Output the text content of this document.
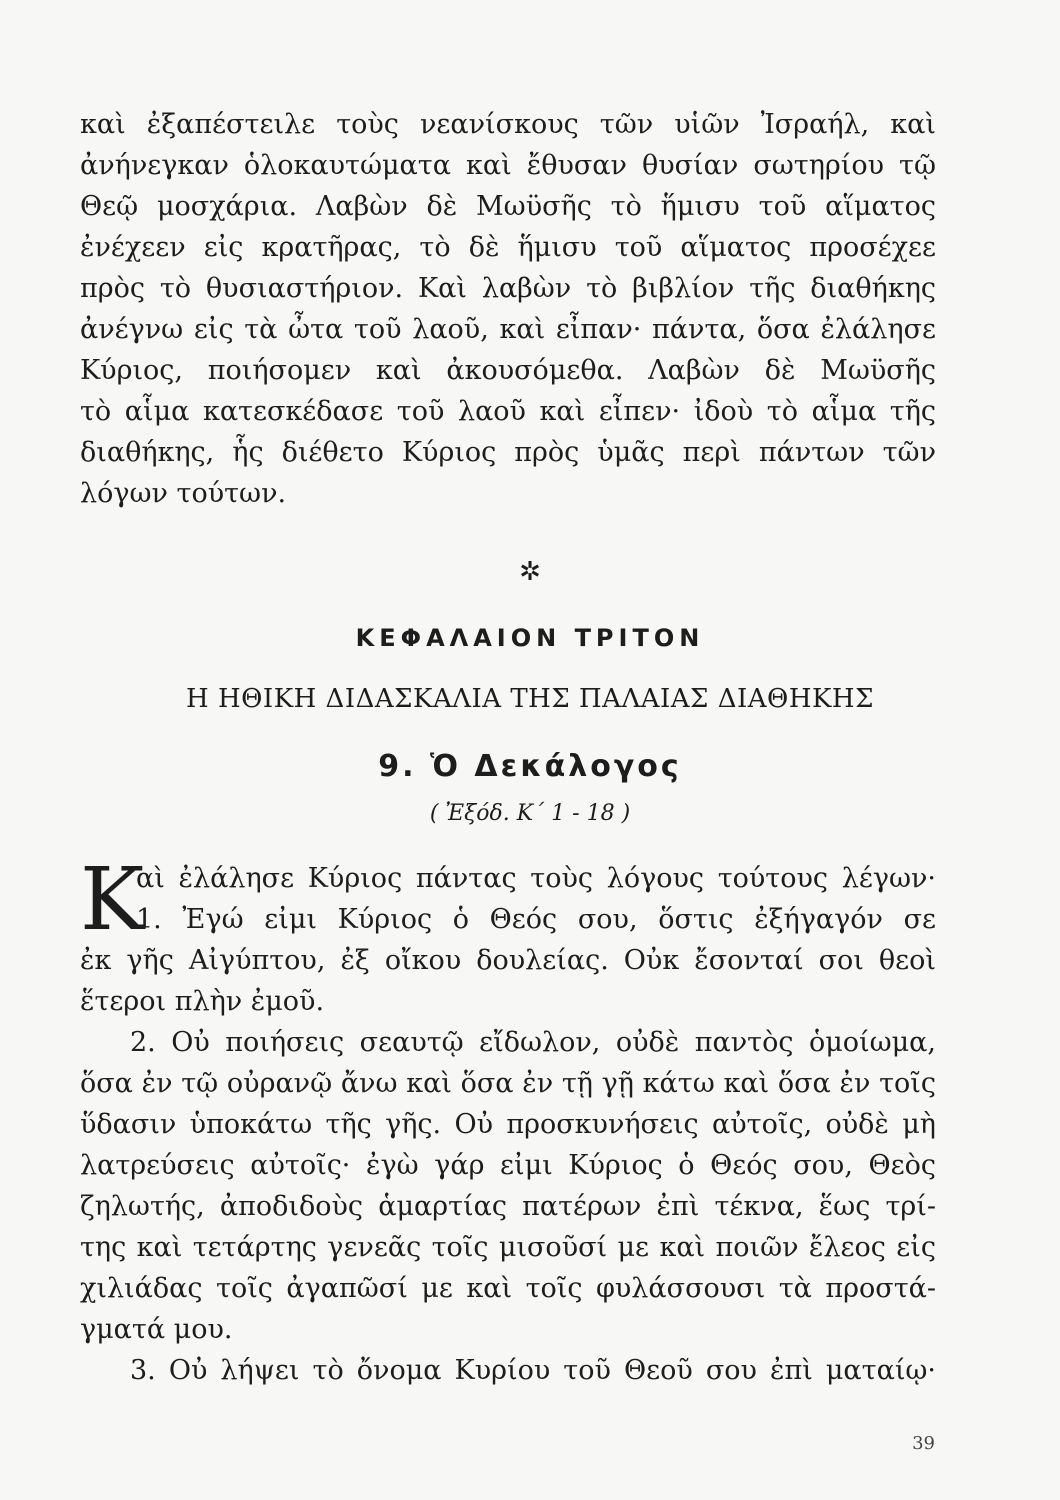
καὶ ἐξαπέστειλε τοὺς νεανίσκους τῶν υἱῶν Ἰσραήλ, καὶ
ἀνήνεγκαν ὁλοκαυτώματα καὶ ἔθυσαν θυσίαν σωτηρίου τῷ
Θεῷ μοσχάρια. Λαβὼν δὲ Μωϋσῆς τὸ ἥμισυ τοῦ αἵματος
ἐνέχεεν εἰς κρατῆρας, τὸ δὲ ἥμισυ τοῦ αἵματος προσέχεε
πρὸς τὸ θυσιαστήριον. Καὶ λαβὼν τὸ βιβλίον τῆς διαθήκης
ἀνέγνω εἰς τὰ ὦτα τοῦ λαοῦ, καὶ εἶπαν· πάντα, ὅσα ἐλάλησε
Κύριος, ποιήσομεν καὶ ἀκουσόμεθα. Λαβὼν δὲ Μωϋσῆς
τὸ αἷμα κατεσκέδασε τοῦ λαοῦ καὶ εἶπεν· ἰδοὺ τὸ αἷμα τῆς
διαθήκης, ἧς διέθετο Κύριος πρὸς ὑμᾶς περὶ πάντων τῶν
λόγων τούτων.
✲
ΚΕΦΑΛΑΙΟΝ ΤΡΙΤΟΝ
Η ΗΘΙΚΗ ΔΙΔΑΣΚΑΛΙΑ ΤΗΣ ΠΑΛΑΙΑΣ ΔΙΑΘΗΚΗΣ
9. Ὁ Δεκάλογος
( Ἐξόδ. Κ΄ 1 - 18 )
Κ
αὶ ἐλάλησε Κύριος πάντας τοὺς λόγους τούτους λέγων·
1. Ἐγώ εἰμι Κύριος ὁ Θεός σου, ὅστις ἐξήγαγόν σε
ἐκ γῆς Αἰγύπτου, ἐξ οἴκου δουλείας. Οὐκ ἔσονταί σοι θεοὶ
ἕτεροι πλὴν ἐμοῦ.
2. Οὐ ποιήσεις σεαυτῷ εἴδωλον, οὐδὲ παντὸς ὁμοίωμα,
ὅσα ἐν τῷ οὐρανῷ ἄνω καὶ ὅσα ἐν τῇ γῇ κάτω καὶ ὅσα ἐν τοῖς
ὕδασιν ὑποκάτω τῆς γῆς. Οὐ προσκυνήσεις αὐτοῖς, οὐδὲ μὴ
λατρεύσεις αὐτοῖς· ἐγὼ γάρ εἰμι Κύριος ὁ Θεός σου, Θεὸς
ζηλωτής, ἀποδιδοὺς ἁμαρτίας πατέρων ἐπὶ τέκνα, ἕως τρί-
της καὶ τετάρτης γενεᾶς τοῖς μισοῦσί με καὶ ποιῶν ἔλεος εἰς
χιλιάδας τοῖς ἀγαπῶσί με καὶ τοῖς φυλάσσουσι τὰ προστά-
γματά μου.
3. Οὐ λήψει τὸ ὄνομα Κυρίου τοῦ Θεοῦ σου ἐπὶ ματαίῳ·
39
